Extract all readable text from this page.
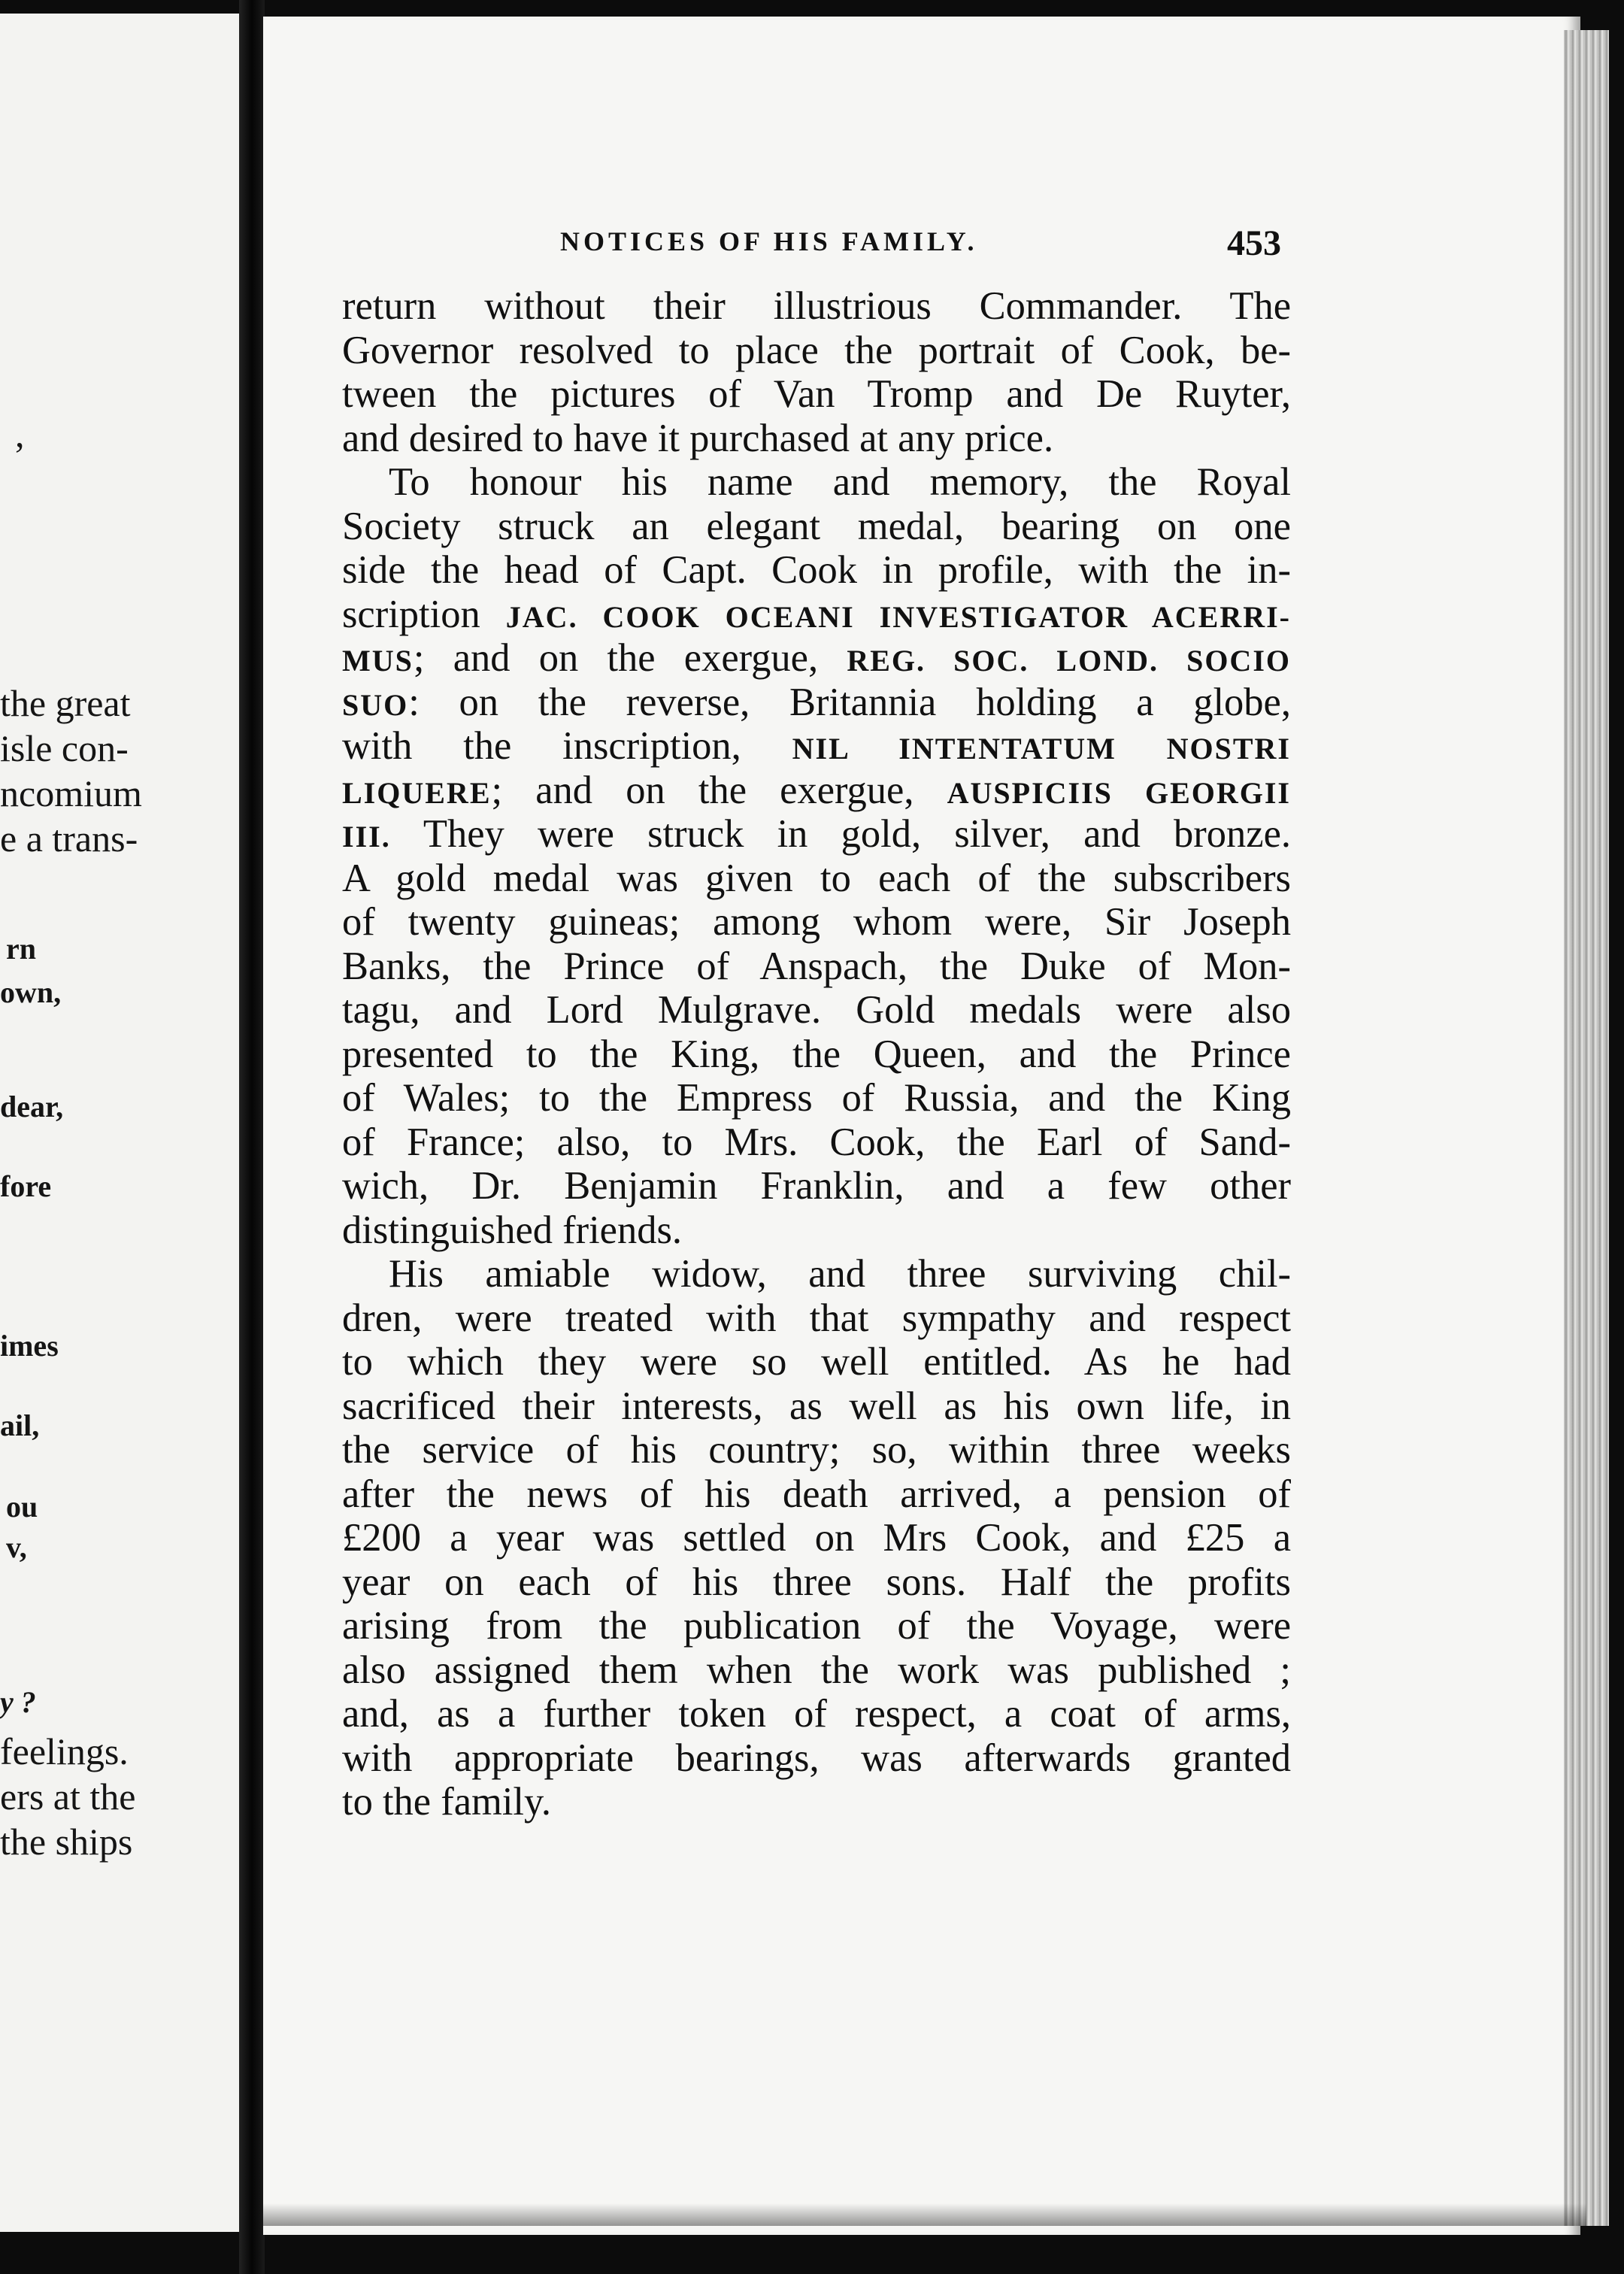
,
the great
isle con-
ncomium
e a trans-
rn
own,
dear,
fore
imes
ail,
ou
v,
y ?
feelings.
ers at the
the ships
NOTICES OF HIS FAMILY.	453
return without their illustrious Commander. The
Governor resolved to place the portrait of Cook, be-
tween the pictures of Van Tromp and De Ruyter,
and desired to have it purchased at any price.
To honour his name and memory, the Royal
Society struck an elegant medal, bearing on one
side the head of Capt. Cook in profile, with the in-
scription JAC. COOK OCEANI INVESTIGATOR ACERRI-
MUS; and on the exergue, REG. SOC. LOND. SOCIO
SUO: on the reverse, Britannia holding a globe,
with the inscription, NIL INTENTATUM NOSTRI
LIQUERE; and on the exergue, AUSPICIIS GEORGII
III. They were struck in gold, silver, and bronze.
A gold medal was given to each of the subscribers
of twenty guineas; among whom were, Sir Joseph
Banks, the Prince of Anspach, the Duke of Mon-
tagu, and Lord Mulgrave. Gold medals were also
presented to the King, the Queen, and the Prince
of Wales; to the Empress of Russia, and the King
of France; also, to Mrs. Cook, the Earl of Sand-
wich, Dr. Benjamin Franklin, and a few other
distinguished friends.
His amiable widow, and three surviving chil-
dren, were treated with that sympathy and respect
to which they were so well entitled. As he had
sacrificed their interests, as well as his own life, in
the service of his country; so, within three weeks
after the news of his death arrived, a pension of
£200 a year was settled on Mrs Cook, and £25 a
year on each of his three sons. Half the profits
arising from the publication of the Voyage, were
also assigned them when the work was published ;
and, as a further token of respect, a coat of arms,
with appropriate bearings, was afterwards granted
to the family.
